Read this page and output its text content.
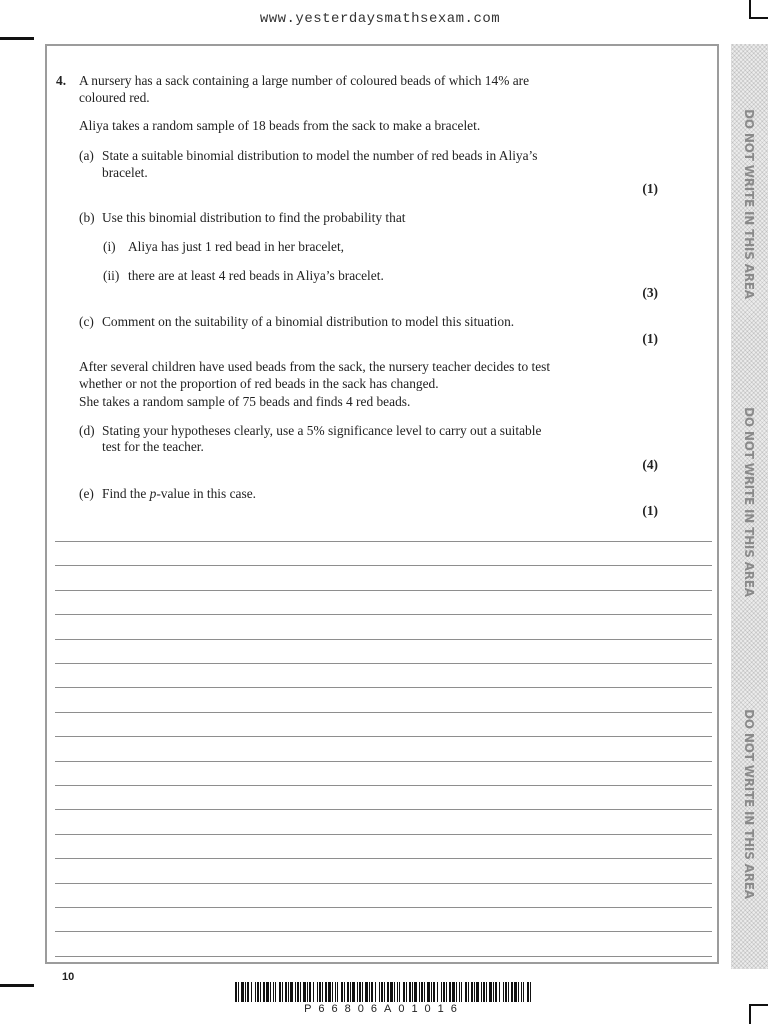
www.yesterdaysmathsexam.com
DO NOT WRITE IN THIS AREA
DO NOT WRITE IN THIS AREA
DO NOT WRITE IN THIS AREA
4. A nursery has a sack containing a large number of coloured beads of which 14% are
coloured red.
Aliya takes a random sample of 18 beads from the sack to make a bracelet.
(a) State a suitable binomial distribution to model the number of red beads in Aliya’s
bracelet.
(1)
(b) Use this binomial distribution to find the probability that
(i) Aliya has just 1 red bead in her bracelet,
(ii) there are at least 4 red beads in Aliya’s bracelet.
(3)
(c) Comment on the suitability of a binomial distribution to model this situation.
(1)
After several children have used beads from the sack, the nursery teacher decides to test
whether or not the proportion of red beads in the sack has changed.
She takes a random sample of 75 beads and finds 4 red beads.
(d) Stating your hypotheses clearly, use a 5% significance level to carry out a suitable
test for the teacher.
(4)
(e) Find the p-value in this case.
(1)
10
P66806A01016
